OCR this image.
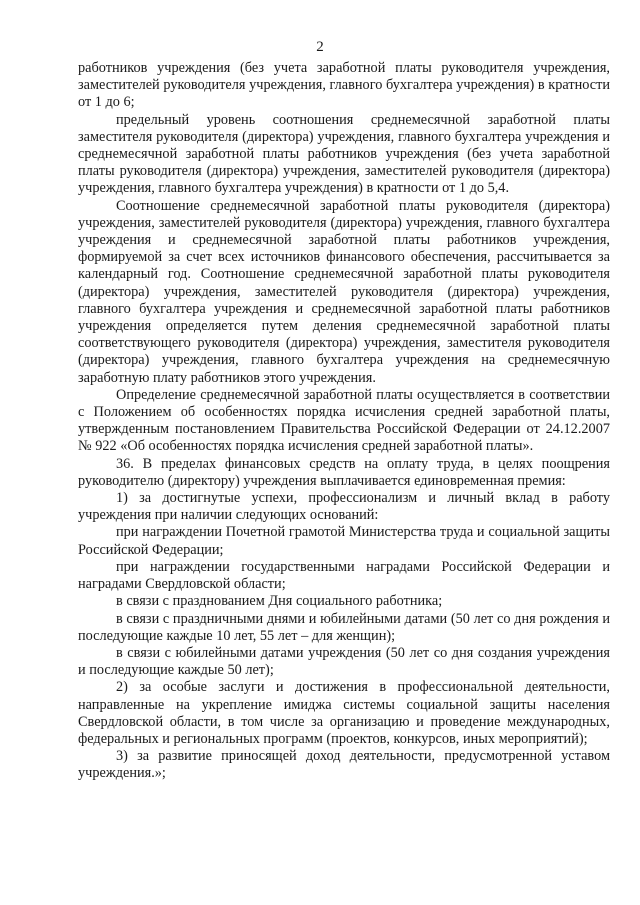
2

работников учреждения (без учета заработной платы руководителя учреждения, заместителей руководителя учреждения, главного бухгалтера учреждения) в кратности от 1 до 6;

предельный уровень соотношения среднемесячной заработной платы заместителя руководителя (директора) учреждения, главного бухгалтера учреждения и среднемесячной заработной платы работников учреждения (без учета заработной платы руководителя (директора) учреждения, заместителей руководителя (директора) учреждения, главного бухгалтера учреждения) в кратности от 1 до 5,4.

Соотношение среднемесячной заработной платы руководителя (директора) учреждения, заместителей руководителя (директора) учреждения, главного бухгалтера учреждения и среднемесячной заработной платы работников учреждения, формируемой за счет всех источников финансового обеспечения, рассчитывается за календарный год. Соотношение среднемесячной заработной платы руководителя (директора) учреждения, заместителей руководителя (директора) учреждения, главного бухгалтера учреждения и среднемесячной заработной платы работников учреждения определяется путем деления среднемесячной заработной платы соответствующего руководителя (директора) учреждения, заместителя руководителя (директора) учреждения, главного бухгалтера учреждения на среднемесячную заработную плату работников этого учреждения.

Определение среднемесячной заработной платы осуществляется в соответствии с Положением об особенностях порядка исчисления средней заработной платы, утвержденным постановлением Правительства Российской Федерации от 24.12.2007 № 922 «Об особенностях порядка исчисления средней заработной платы».

36. В пределах финансовых средств на оплату труда, в целях поощрения руководителю (директору) учреждения выплачивается единовременная премия:

1) за достигнутые успехи, профессионализм и личный вклад в работу учреждения при наличии следующих оснований:

при награждении Почетной грамотой Министерства труда и социальной защиты Российской Федерации;

при награждении государственными наградами Российской Федерации и наградами Свердловской области;

в связи с празднованием Дня социального работника;

в связи с праздничными днями и юбилейными датами (50 лет со дня рождения и последующие каждые 10 лет, 55 лет – для женщин);

в связи с юбилейными датами учреждения (50 лет со дня создания учреждения и последующие каждые 50 лет);

2) за особые заслуги и достижения в профессиональной деятельности, направленные на укрепление имиджа системы социальной защиты населения Свердловской области, в том числе за организацию и проведение международных, федеральных и региональных программ (проектов, конкурсов, иных мероприятий);

3) за развитие приносящей доход деятельности, предусмотренной уставом учреждения.»;
